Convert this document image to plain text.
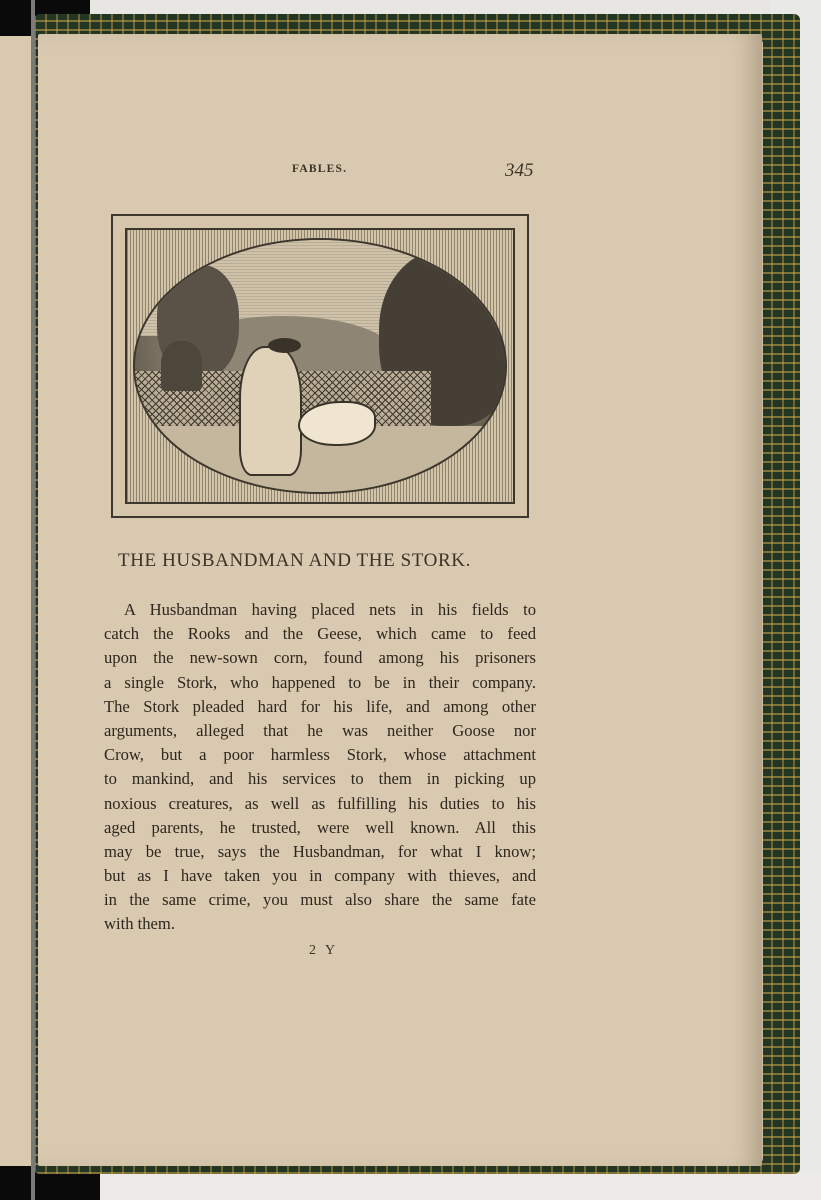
FABLES.	345
THE HUSBANDMAN AND THE STORK.
A Husbandman having placed nets in his fields to
catch the Rooks and the Geese, which came to feed
upon the new-sown corn, found among his prisoners
a single Stork, who happened to be in their company.
The Stork pleaded hard for his life, and among other
arguments, alleged that he was neither Goose nor
Crow, but a poor harmless Stork, whose attachment
to mankind, and his services to them in picking up
noxious creatures, as well as fulfilling his duties to his
aged parents, he trusted, were well known. All this
may be true, says the Husbandman, for what I know;
but as I have taken you in company with thieves, and
in the same crime, you must also share the same fate
with them.
2 Y
